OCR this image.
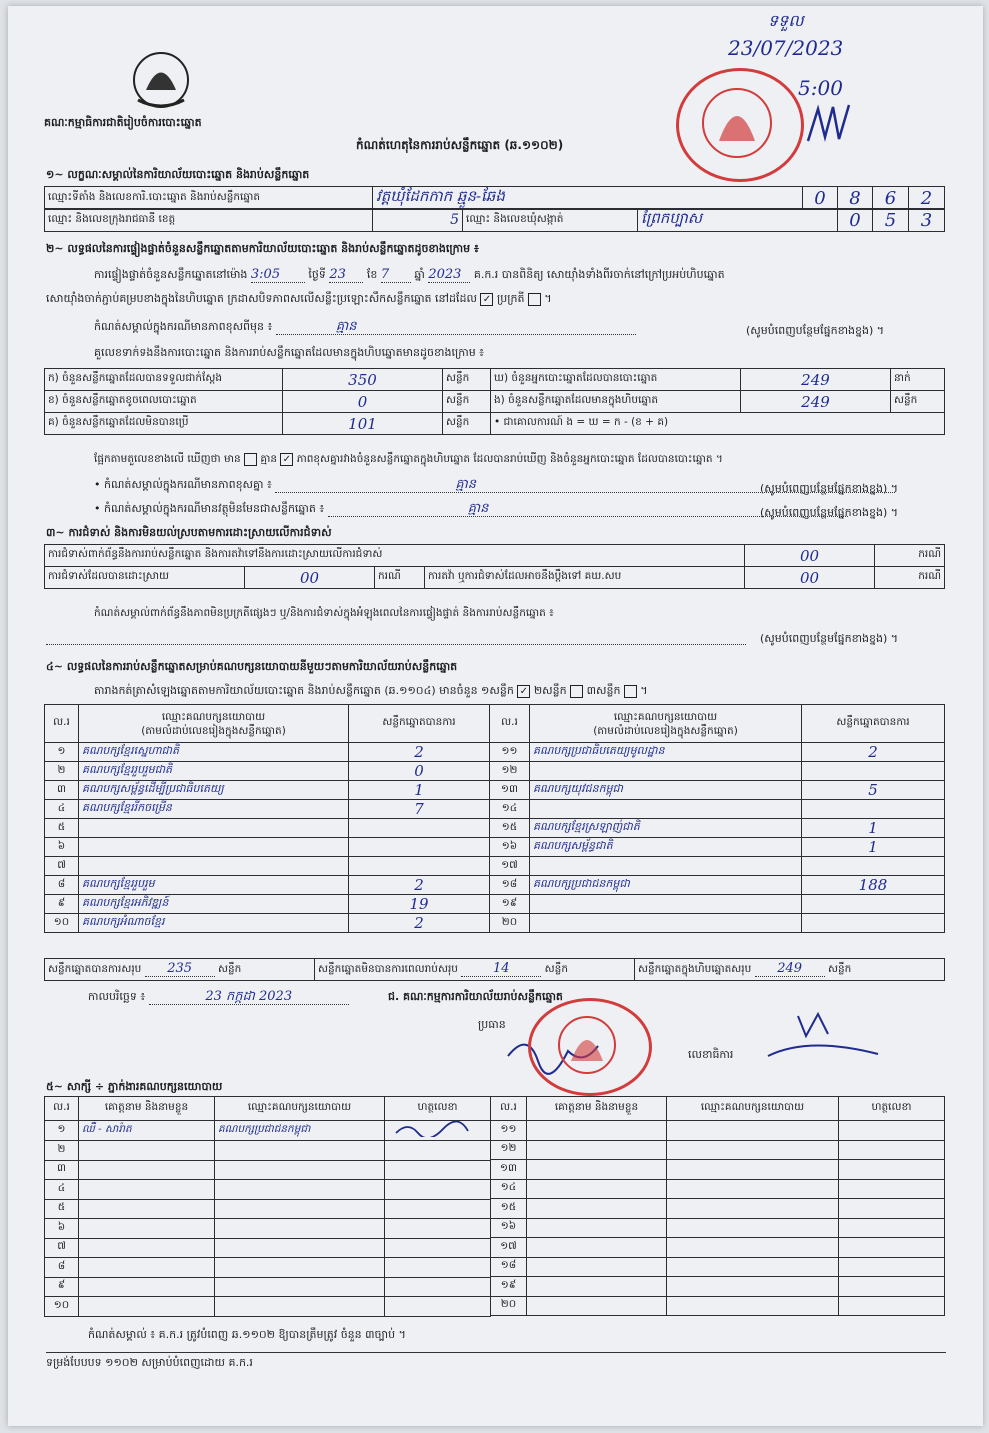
គណៈកម្មាធិការជាតិរៀបចំការបោះឆ្នោត
កំណត់ហេតុនៃការរាប់សន្លឹកឆ្នោត (ឆ.១១០២)
ទទួល
23/07/2023
5:00
១~ លក្ខណៈសម្គាល់នៃការិយាល័យបោះឆ្នោត និងរាប់សន្លឹកឆ្នោត
ឈ្មោះទីតាំង និងលេខការិ.បោះឆ្នោត និងរាប់សន្លឹកឆ្នោត	វត្តឃុំដែកកាក ឆ្មួន-ឆែង	0	8	6	2
ឈ្មោះ និងលេខក្រុងរាជធានី ខេត្ត	5	ឈ្មោះ និងលេខឃុំសង្កាត់	ព្រៃកប្បាស	0	5	3
២~ លទ្ធផលនៃការផ្ទៀងផ្ទាត់ចំនួនសន្លឹកឆ្នោតតាមការិយាល័យបោះឆ្នោត និងរាប់សន្លឹកឆ្នោតដូចខាងក្រោម ៖
ការផ្ទៀងផ្ទាត់ចំនួនសន្លឹកឆ្នោតនៅម៉ោង 3:05	ថ្ងៃទី 23 ខែ 7 ឆ្នាំ 2023 គ.ក.រ បានពិនិត្យ សោយ៉ាំងទាំងពីរចាក់នៅក្រៅប្រអប់ហិបឆ្នោត
សោយ៉ាំងចាក់ភ្ជាប់គម្របខាងក្នុងនៃហិបឆ្នោត ក្រដាសបិទភាពសលើសន្លឹះប្រឡោះសឹកសន្លឹកឆ្នោត នៅដដែល ✓ ប្រក្រតី  ។
កំណត់សម្គាល់ក្នុងករណីមានភាពខុសពីមុន ៖	គ្មាន	(សូមបំពេញបន្ថែមផ្នែកខាងខ្នង) ។
គួលេខទាក់ទងនឹងការបោះឆ្នោត និងការរាប់សន្លឹកឆ្នោតដែលមានក្នុងហិបឆ្នោតមានដូចខាងក្រោម ៖
ក) ចំនួនសន្លឹកឆ្នោតដែលបានទទួលជាក់ស្តែង	350	សន្លឹក	ឃ) ចំនួនអ្នកបោះឆ្នោតដែលបានបោះឆ្នោត	249	នាក់
ខ) ចំនួនសន្លឹកឆ្នោតខូចពេលបោះឆ្នោត	0	សន្លឹក	ង) ចំនួនសន្លឹកឆ្នោតដែលមានក្នុងហិបឆ្នោត	249	សន្លឹក
គ) ចំនួនសន្លឹកឆ្នោតដែលមិនបានប្រើ	101	សន្លឹក	• ជាគោលការណ៍ ង = ឃ = ក - (ខ + គ)		
ផ្អែកតាមតួលេខខាងលើ ឃើញថា មាន គ្មាន ✓ ភាពខុសគ្នារវាងចំនួនសន្លឹកឆ្នោតក្នុងហិបឆ្នោត ដែលបានរាប់ឃើញ និងចំនួនអ្នកបោះឆ្នោត ដែលបានបោះឆ្នោត ។
• កំណត់សម្គាល់ក្នុងករណីមានភាពខុសគ្នា ៖	គ្មាន	(សូមបំពេញបន្ថែមផ្នែកខាងខ្នង) ។
• កំណត់សម្គាល់ក្នុងករណីមានវត្ថុមិនមែនជាសន្លឹកឆ្នោត ៖	គ្មាន	(សូមបំពេញបន្ថែមផ្នែកខាងខ្នង) ។
៣~ ការជំទាស់ និងការមិនយល់ស្របតាមការដោះស្រាយលើការជំទាស់
ការជំទាស់ពាក់ព័ន្ធនឹងការរាប់សន្លឹកឆ្នោត និងការតវ៉ាទៅនឹងការដោះស្រាយលើការជំទាស់				00	ករណី
ការជំទាស់ដែលបានដោះស្រាយ	00	ករណី	ការតវ៉ា ឬការជំទាស់ដែលអាចនឹងប្តឹងទៅ គឃ.សប	00	ករណី
កំណត់សម្គាល់ពាក់ព័ន្ធនឹងភាពមិនប្រក្រតីផ្សេងៗ ឬ/និងការជំទាស់ក្នុងអំឡុងពេលនៃការផ្ទៀងផ្ទាត់ និងការរាប់សន្លឹកឆ្នោត ៖
(សូមបំពេញបន្ថែមផ្នែកខាងខ្នង) ។
៤~ លទ្ធផលនៃការរាប់សន្លឹកឆ្នោតសម្រាប់គណបក្សនយោបាយនីមួយៗតាមការិយាល័យរាប់សន្លឹកឆ្នោត
តារាងកត់ត្រាសំឡេងឆ្នោតតាមការិយាល័យបោះឆ្នោត និងរាប់សន្លឹកឆ្នោត (ឆ.១១០៤) មានចំនួន ១សន្លឹក ✓ ២សន្លឹក ៣សន្លឹក  ។
ល.រ	ឈ្មោះគណបក្សនយោបាយ
(តាមលំដាប់លេខរៀងក្នុងសន្លឹកឆ្នោត)	សន្លឹកឆ្នោតបានការ
១	គណបក្សខ្មែរស្នេហាជាតិ	2
២	គណបក្សខ្មែររួបរួមជាតិ	0
៣	គណបក្សសម្ព័ន្ធដើម្បីប្រជាធិបតេយ្យ	1
៤	គណបក្សខ្មែររីកចម្រើន	7
៥		
៦		
៧		
៨	គណបក្សខ្មែររួបរួម	2
៩	គណបក្សខ្មែរអភិវឌ្ឍន៍	19
១០	គណបក្សអំណាចខ្មែរ	2
ល.រ	ឈ្មោះគណបក្សនយោបាយ
(តាមលំដាប់លេខរៀងក្នុងសន្លឹកឆ្នោត)	សន្លឹកឆ្នោតបានការ
១១	គណបក្សប្រជាធិបតេយ្យមូលដ្ឋាន	2
១២		
១៣	គណបក្សយុវជនកម្ពុជា	5
១៤		
១៥	គណបក្សខ្មែរស្រឡាញ់ជាតិ	1
១៦	គណបក្សសម្ព័ន្ធជាតិ	1
១៧		
១៨	គណបក្សប្រជាជនកម្ពុជា	188
១៩		
២០		
សន្លឹកឆ្នោតបានការសរុប 235 សន្លឹក	សន្លឹកឆ្នោតមិនបានការពេលរាប់សរុប	14	សន្លឹក	សន្លឹកឆ្នោតក្នុងហិបឆ្នោតសរុប 249 សន្លឹក
កាលបរិច្ឆេទ ៖	23 កក្កដា 2023	ជ. គណៈកម្មការការិយាល័យរាប់សន្លឹកឆ្នោត
ប្រធាន
លេខាធិការ
៥~ សាក្សី ÷ ភ្នាក់ងារគណបក្សនយោបាយ
ល.រ	គោត្តនាម និងនាមខ្លួន	ឈ្មោះគណបក្សនយោបាយ	ហត្ថលេខា
១	ឈឺ - សារ៉ាត	គណបក្សប្រជាជនកម្ពុជា	
២			
៣			
៤			
៥			
៦			
៧			
៨			
៩			
១០			
ល.រ	គោត្តនាម និងនាមខ្លួន	ឈ្មោះគណបក្សនយោបាយ	ហត្ថលេខា
១១			
១២			
១៣			
១៤			
១៥			
១៦			
១៧			
១៨			
១៩			
២០			
កំណត់សម្គាល់ ៖ គ.ក.រ ត្រូវបំពេញ ឆ.១១០២ ឱ្យបានត្រឹមត្រូវ ចំនួន ៣ច្បាប់ ។
ទម្រង់បែបបទ ១១០២ សម្រាប់បំពេញដោយ គ.ក.រ
